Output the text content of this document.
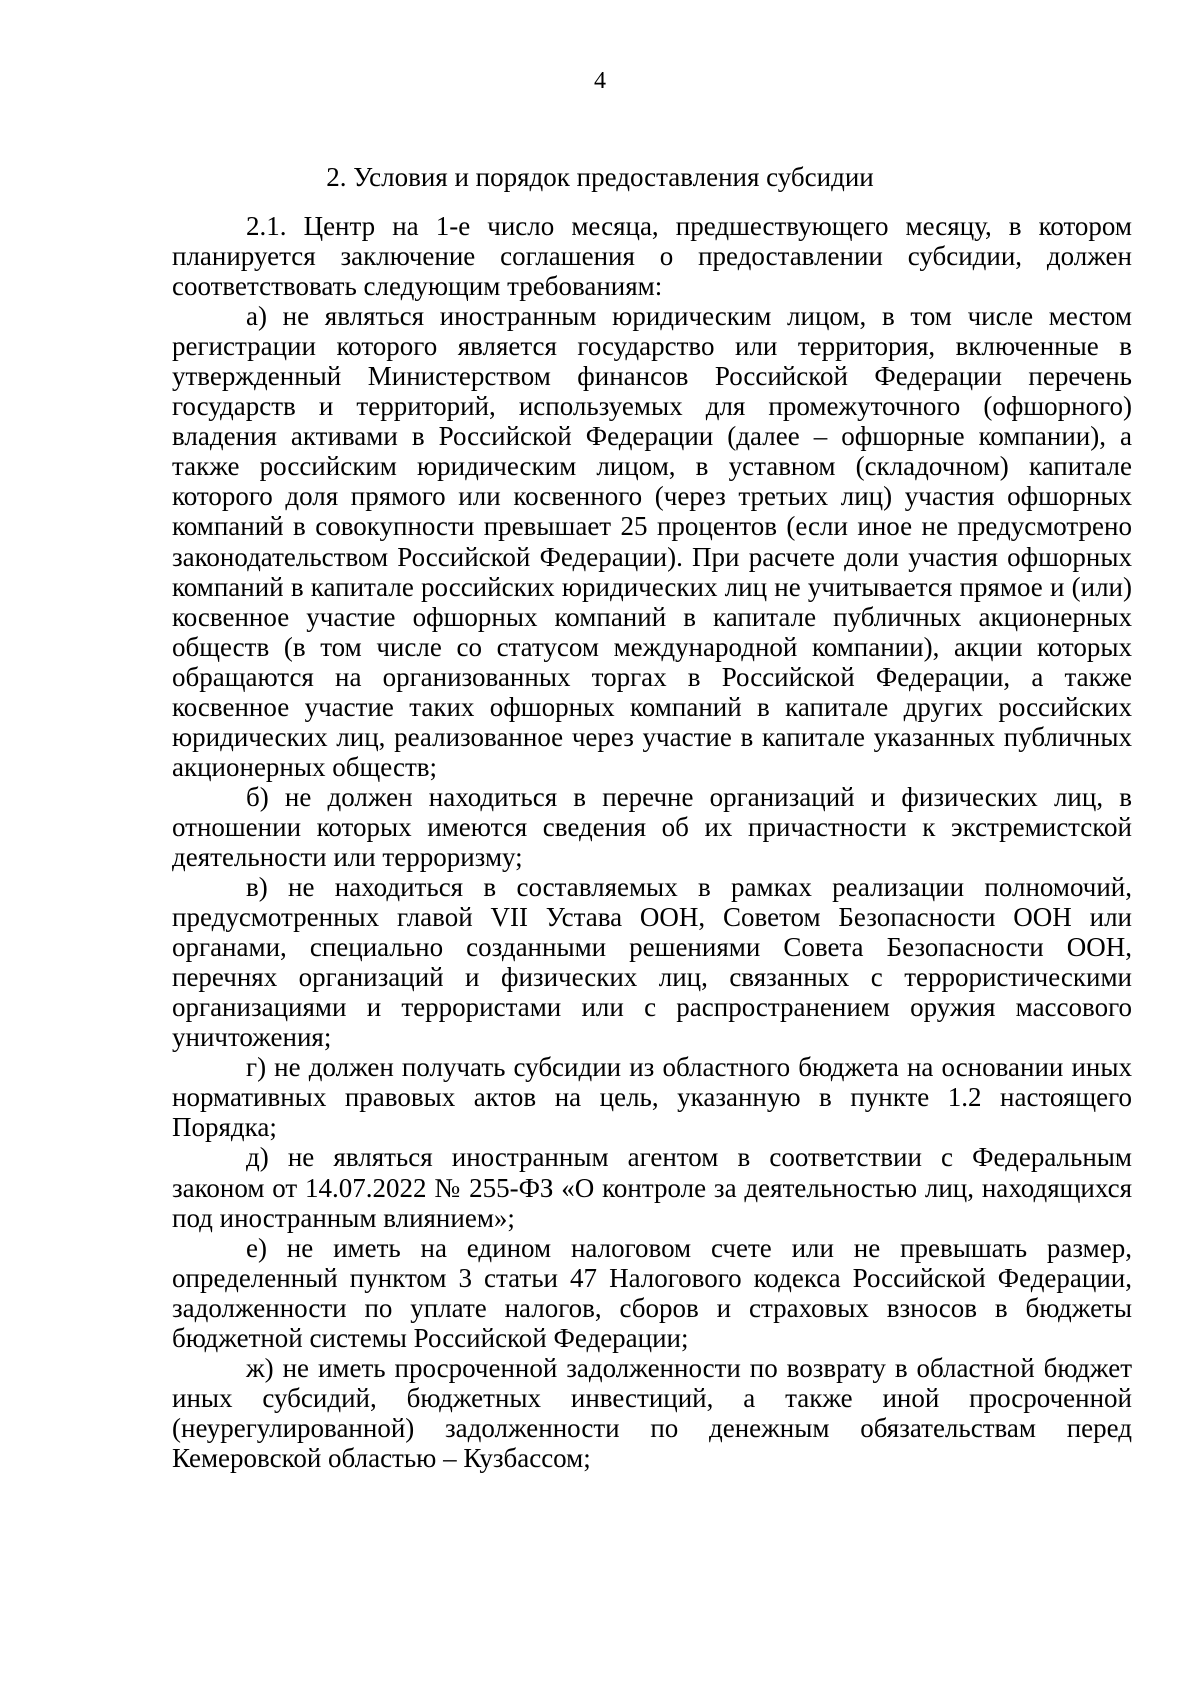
4
2. Условия и порядок предоставления субсидии

2.1. Центр на 1-е число месяца, предшествующего месяцу, в котором планируется заключение соглашения о предоставлении субсидии, должен соответствовать следующим требованиям:

а) не являться иностранным юридическим лицом, в том числе местом регистрации которого является государство или территория, включенные в утвержденный Министерством финансов Российской Федерации перечень государств и территорий, используемых для промежуточного (офшорного) владения активами в Российской Федерации (далее – офшорные компании), а также российским юридическим лицом, в уставном (складочном) капитале которого доля прямого или косвенного (через третьих лиц) участия офшорных компаний в совокупности превышает 25 процентов (если иное не предусмотрено законодательством Российской Федерации). При расчете доли участия офшорных компаний в капитале российских юридических лиц не учитывается прямое и (или) косвенное участие офшорных компаний в капитале публичных акционерных обществ (в том числе со статусом международной компании), акции которых обращаются на организованных торгах в Российской Федерации, а также косвенное участие таких офшорных компаний в капитале других российских юридических лиц, реализованное через участие в капитале указанных публичных акционерных обществ;

б) не должен находиться в перечне организаций и физических лиц, в отношении которых имеются сведения об их причастности к экстремистской деятельности или терроризму;

в) не находиться в составляемых в рамках реализации полномочий, предусмотренных главой VII Устава ООН, Советом Безопасности ООН или органами, специально созданными решениями Совета Безопасности ООН, перечнях организаций и физических лиц, связанных с террористическими организациями и террористами или с распространением оружия массового уничтожения;

г) не должен получать субсидии из областного бюджета на основании иных нормативных правовых актов на цель, указанную в пункте 1.2 настоящего Порядка;

д) не являться иностранным агентом в соответствии с Федеральным законом от 14.07.2022 № 255-ФЗ «О контроле за деятельностью лиц, находящихся под иностранным влиянием»;

е) не иметь на едином налоговом счете или не превышать размер, определенный пунктом 3 статьи 47 Налогового кодекса Российской Федерации, задолженности по уплате налогов, сборов и страховых взносов в бюджеты бюджетной системы Российской Федерации;

ж) не иметь просроченной задолженности по возврату в областной бюджет иных субсидий, бюджетных инвестиций, а также иной просроченной (неурегулированной) задолженности по денежным обязательствам перед Кемеровской областью – Кузбассом;
